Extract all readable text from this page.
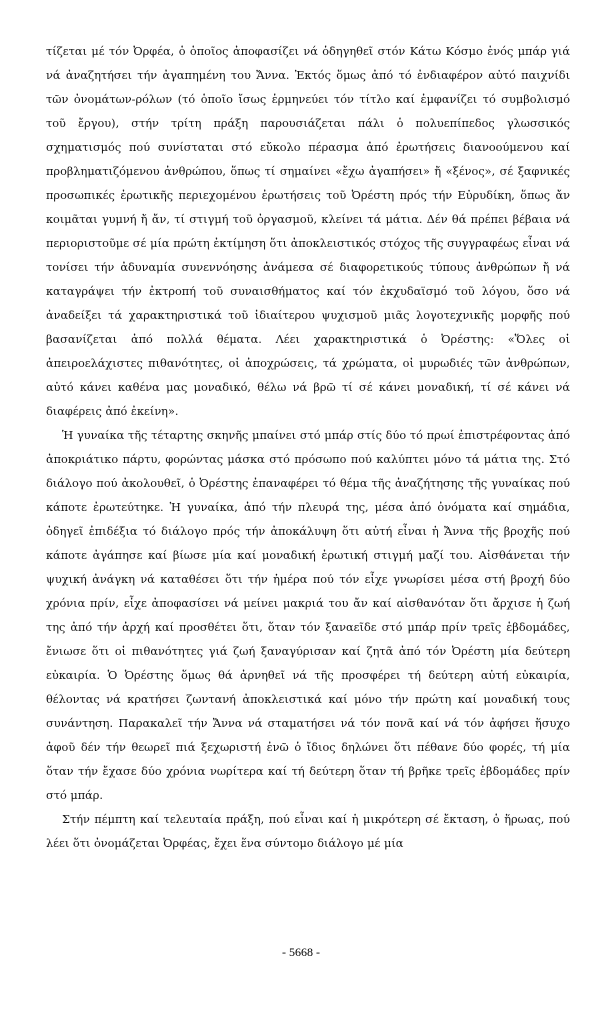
τίζεται μέ τόν Ὀρφέα, ὁ ὁποῖος ἀποφασίζει νά ὁδηγηθεῖ στόν Κάτω Κόσμο ἑνός μπάρ γιά νά ἀναζητήσει τήν ἀγαπημένη του Ἄννα. Ἐκτός ὅμως ἀπό τό ἐνδιαφέρον αὐτό παιχνίδι τῶν ὀνομάτων-ρόλων (τό ὁποῖο ἴσως ἑρμηνεύει τόν τίτλο καί ἐμφανίζει τό συμβολισμό τοῦ ἔργου), στήν τρίτη πράξη παρουσιάζεται πάλι ὁ πολυεπίπεδος γλωσσικός σχηματισμός πού συνίσταται στό εὔκολο πέρασμα ἀπό ἐρωτήσεις διανοούμενου καί προβληματιζόμενου ἀνθρώπου, ὅπως τί σημαίνει «ἔχω ἀγαπήσει» ἤ «ξένος», σέ ξαφνικές προσωπικές ἐρωτικῆς περιεχομένου ἐρωτήσεις τοῦ Ὀρέστη πρός τήν Εὐρυδίκη, ὅπως ἄν κοιμᾶται γυμνή ἤ ἄν, τί στιγμή τοῦ ὀργασμοῦ, κλείνει τά μάτια. Δέν θά πρέπει βέβαια νά περιοριστοῦμε σέ μία πρώτη ἐκτίμηση ὅτι ἀποκλειστικός στόχος τῆς συγγραφέως εἶναι νά τονίσει τήν ἀδυναμία συνεννόησης ἀνάμεσα σέ διαφορετικούς τύπους ἀνθρώπων ἤ νά καταγράψει τήν ἐκτροπή τοῦ συναισθήματος καί τόν ἐκχυδαϊσμό τοῦ λόγου, ὅσο νά ἀναδείξει τά χαρακτηριστικά τοῦ ἰδιαίτερου ψυχισμοῦ μιᾶς λογοτεχνικῆς μορφῆς πού βασανίζεται ἀπό πολλά θέματα. Λέει χαρακτηριστικά ὁ Ὀρέστης: «Ὅλες οἱ ἀπειροελάχιστες πιθανότητες, οἱ ἀποχρώσεις, τά χρώματα, οἱ μυρωδιές τῶν ἀνθρώπων, αὐτό κάνει καθένα μας μοναδικό, θέλω νά βρῶ τί σέ κάνει μοναδική, τί σέ κάνει νά διαφέρεις ἀπό ἐκείνη».

Ἡ γυναίκα τῆς τέταρτης σκηνῆς μπαίνει στό μπάρ στίς δύο τό πρωί ἐπιστρέφοντας ἀπό ἀποκριάτικο πάρτυ, φορώντας μάσκα στό πρόσωπο πού καλύπτει μόνο τά μάτια της. Στό διάλογο πού ἀκολουθεῖ, ὁ Ὀρέστης ἐπαναφέρει τό θέμα τῆς ἀναζήτησης τῆς γυναίκας πού κάποτε ἐρωτεύτηκε. Ἡ γυναίκα, ἀπό τήν πλευρά της, μέσα ἀπό ὀνόματα καί σημάδια, ὁδηγεῖ ἐπιδέξια τό διάλογο πρός τήν ἀποκάλυψη ὅτι αὐτή εἶναι ἡ Ἄννα τῆς βροχῆς πού κάποτε ἀγάπησε καί βίωσε μία καί μοναδική ἐρωτική στιγμή μαζί του. Αἰσθάνεται τήν ψυχική ἀνάγκη νά καταθέσει ὅτι τήν ἡμέρα πού τόν εἶχε γνωρίσει μέσα στή βροχή δύο χρόνια πρίν, εἶχε ἀποφασίσει νά μείνει μακριά του ἄν καί αἰσθανόταν ὅτι ἄρχισε ἡ ζωή της ἀπό τήν ἀρχή καί προσθέτει ὅτι, ὅταν τόν ξαναεῖδε στό μπάρ πρίν τρεῖς ἑβδομάδες, ἔνιωσε ὅτι οἱ πιθανότητες γιά ζωή ξαναγύρισαν καί ζητᾶ ἀπό τόν Ὀρέστη μία δεύτερη εὐκαιρία. Ὁ Ὀρέστης ὅμως θά ἀρνηθεῖ νά τῆς προσφέρει τή δεύτερη αὐτή εὐκαιρία, θέλοντας νά κρατήσει ζωντανή ἀποκλειστικά καί μόνο τήν πρώτη καί μοναδική τους συνάντηση. Παρακαλεῖ τήν Ἄννα νά σταματήσει νά τόν πονᾶ καί νά τόν ἀφήσει ἥσυχο ἀφοῦ δέν τήν θεωρεῖ πιά ξεχωριστή ἐνῶ ὁ ἴδιος δηλώνει ὅτι πέθανε δύο φορές, τή μία ὅταν τήν ἔχασε δύο χρόνια νωρίτερα καί τή δεύτερη ὅταν τή βρῆκε τρεῖς ἑβδομάδες πρίν στό μπάρ.

Στήν πέμπτη καί τελευταία πράξη, πού εἶναι καί ἡ μικρότερη σέ ἔκταση, ὁ ἥρωας, πού λέει ὅτι ὀνομάζεται Ὀρφέας, ἔχει ἕνα σύντομο διάλογο μέ μία

- 5668 -
